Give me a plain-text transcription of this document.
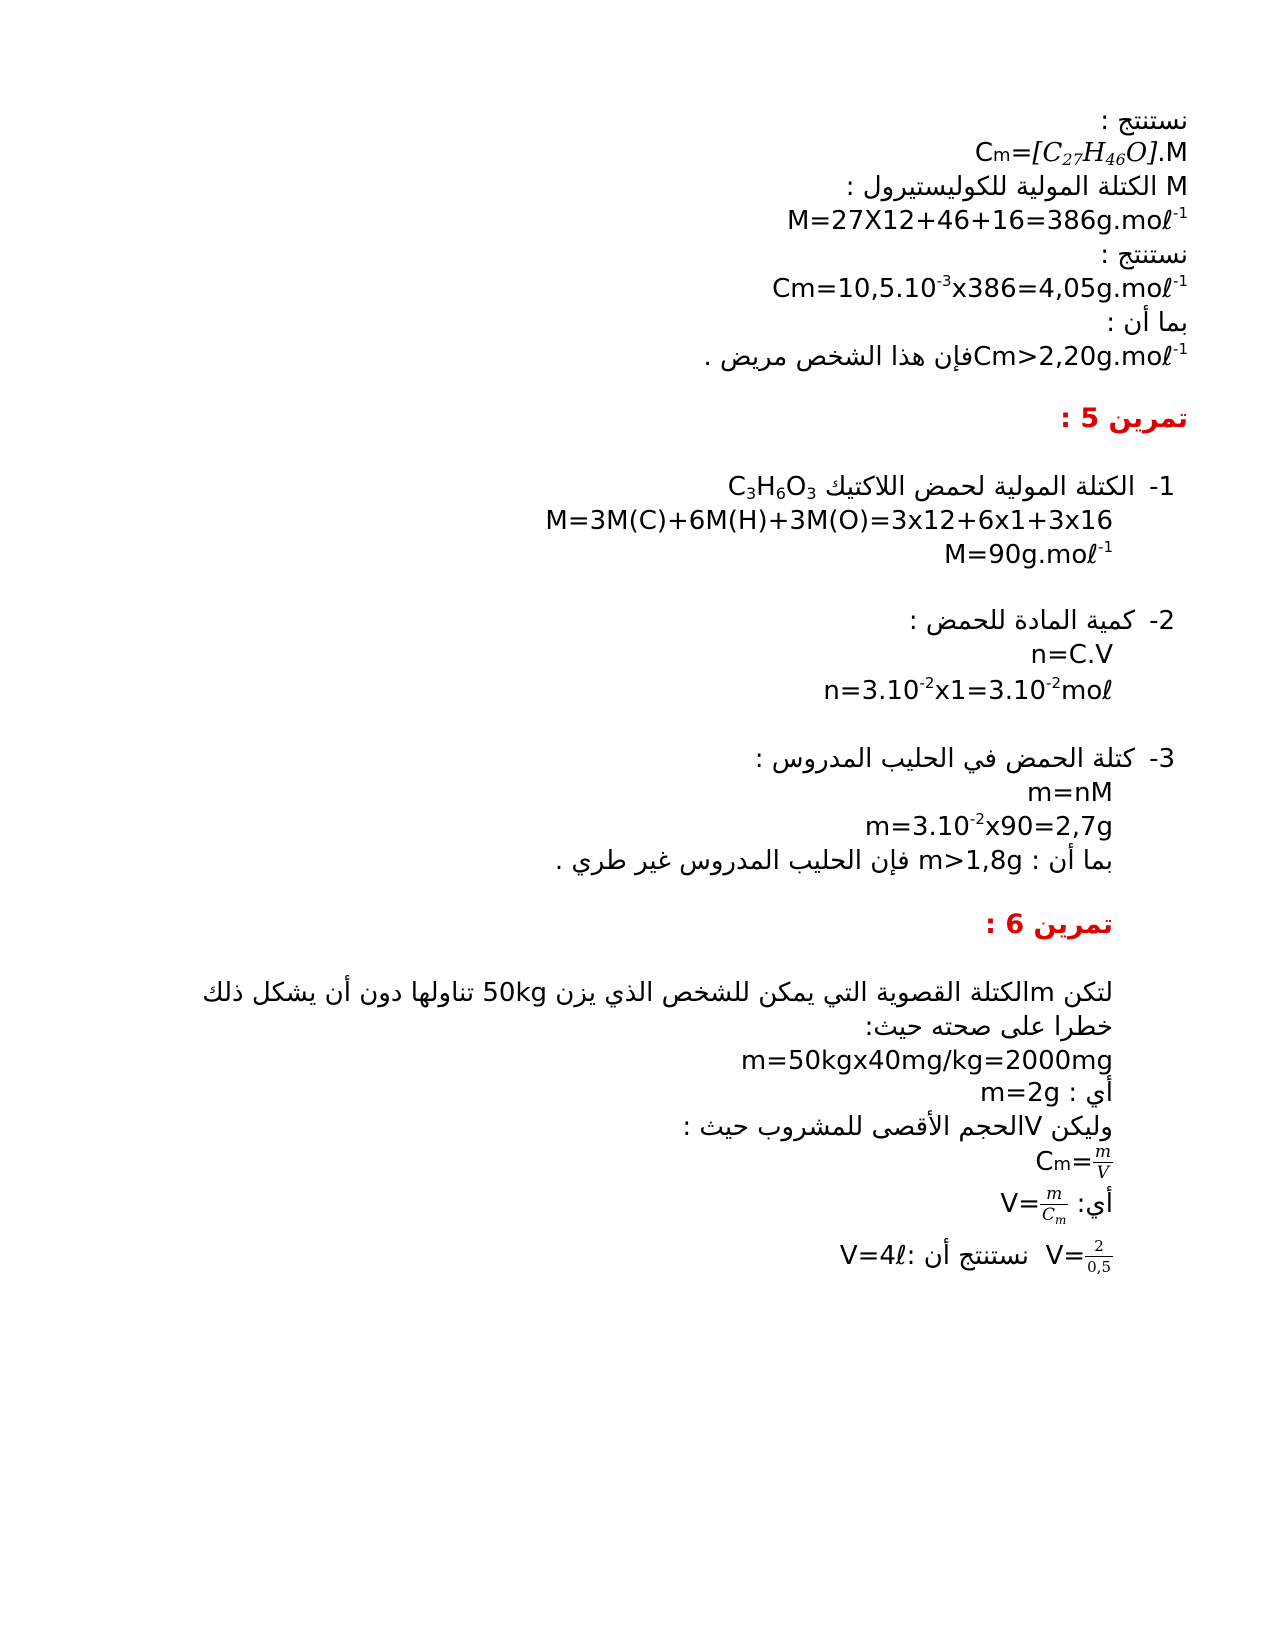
نستنتج :
$Cm=[C_{27}H_{46}O].M$
M الكتلة المولية للكوليستيرول :
M=27X12+46+16=386g.moℓ$^{-1}$
نستنتج :
$Cm=10,5.10^{-3}x386=4,05g.mo\ell^{-1}$
بما أن :
Cm>2,20g.moℓ$^{-1}$فإن هذا الشخص مريض .
تمرين 5 :
-1الكتلة المولية لحمض اللاكتيك $C_3H_6O_3$
M=3M(C)+6M(H)+3M(O)=3x12+6x1+3x16
M=90g.moℓ$^{-1}$
-2كمية المادة للحمض :
n=C.V
$n=3.10^{-2}x1=3.10^{-2}mo\ell$
-3كتلة الحمض في الحليب المدروس :
m=nM
$m=3.10^{-2}x90=2,7g$
بما أن : m>1,8g فإن الحليب المدروس غير طري .
تمرين 6 :
لتكن mالكتلة القصوية التي يمكن للشخص الذي يزن 50kg تناولها دون أن يشكل ذلك
خطرا على صحته حيث:
m=50kgx40mg/kg=2000mg
أي : m=2g
وليكن Vالحجم الأقصى للمشروب حيث :
$Cm= \frac{m}{V}$
أي: $V= \frac{m}{C_m}$
$V= \frac{2}{0,5}$
نستنتج أن :V=4ℓ
